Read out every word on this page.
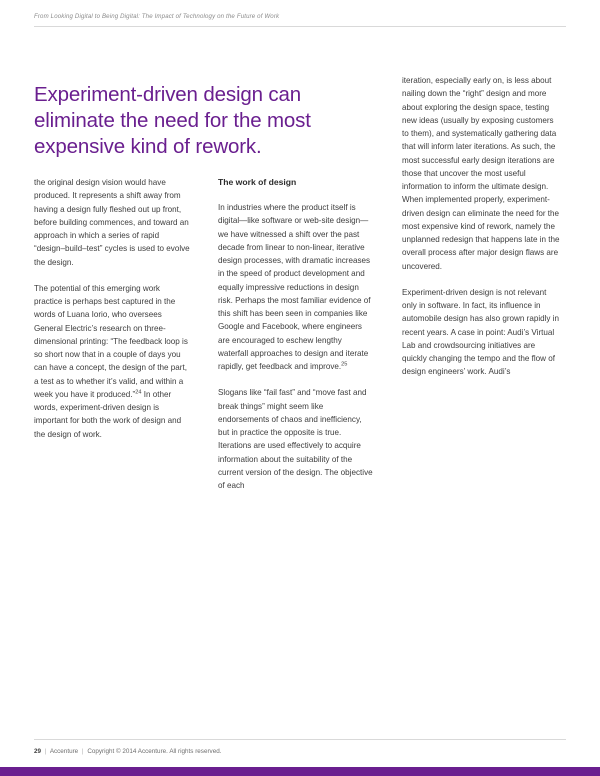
From Looking Digital to Being Digital: The Impact of Technology on the Future of Work
Experiment-driven design can eliminate the need for the most expensive kind of rework.

the original design vision would have produced. It represents a shift away from having a design fully fleshed out up front, before building commences, and toward an approach in which a series of rapid “design–build–test” cycles is used to evolve the design.

The potential of this emerging work practice is perhaps best captured in the words of Luana Iorio, who oversees General Electric’s research on three-dimensional printing: “The feedback loop is so short now that in a couple of days you can have a concept, the design of the part, a test as to whether it’s valid, and within a week you have it produced.”$^{24}$ In other words, experiment-driven design is important for both the work of design and the design of work.

The work of design

In industries where the product itself is digital—like software or web-site design—we have witnessed a shift over the past decade from linear to non-linear, iterative design processes, with dramatic increases in the speed of product development and equally impressive reductions in design risk. Perhaps the most familiar evidence of this shift has been seen in companies like Google and Facebook, where engineers are encouraged to eschew lengthy waterfall approaches to design and iterate rapidly, get feedback and improve.$^{25}$

Slogans like “fail fast” and “move fast and break things” might seem like endorsements of chaos and inefficiency, but in practice the opposite is true. Iterations are used effectively to acquire information about the suitability of the current version of the design. The objective of each

iteration, especially early on, is less about nailing down the “right” design and more about exploring the design space, testing new ideas (usually by exposing customers to them), and systematically gathering data that will inform later iterations. As such, the most successful early design iterations are those that uncover the most useful information to inform the ultimate design. When implemented properly, experiment-driven design can eliminate the need for the most expensive kind of rework, namely the unplanned redesign that happens late in the overall process after major design flaws are uncovered.

Experiment-driven design is not relevant only in software. In fact, its influence in automobile design has also grown rapidly in recent years. A case in point: Audi’s Virtual Lab and crowdsourcing initiatives are quickly changing the tempo and the flow of design engineers’ work. Audi’s

29 | Accenture | Copyright © 2014 Accenture. All rights reserved.
